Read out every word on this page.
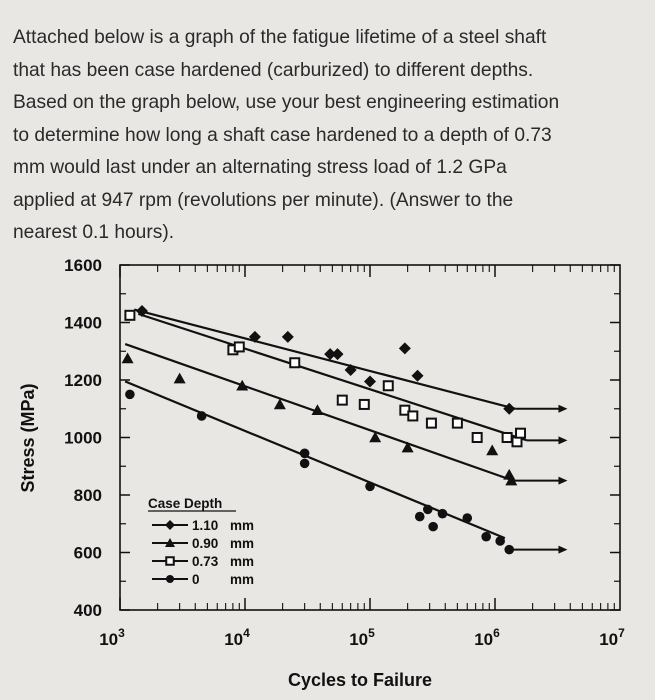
Attached below is a graph of the fatigue lifetime of a steel shaft
that has been case hardened (carburized) to different depths.
Based on the graph below, use your best engineering estimation
to determine how long a shaft case hardened to a depth of 0.73
mm would last under an alternating stress load of 1.2 GPa
applied at 947 rpm (revolutions per minute). (Answer to the
nearest 0.1 hours).
400
600
800
1000
1200
1400
1600
$10^3$	$10^4$	$10^5$	$10^6$	$10^7$
Cycles to Failure
Stress (MPa)
Case Depth
1.10 mm
0.90 mm
0.73 mm
0 mm
